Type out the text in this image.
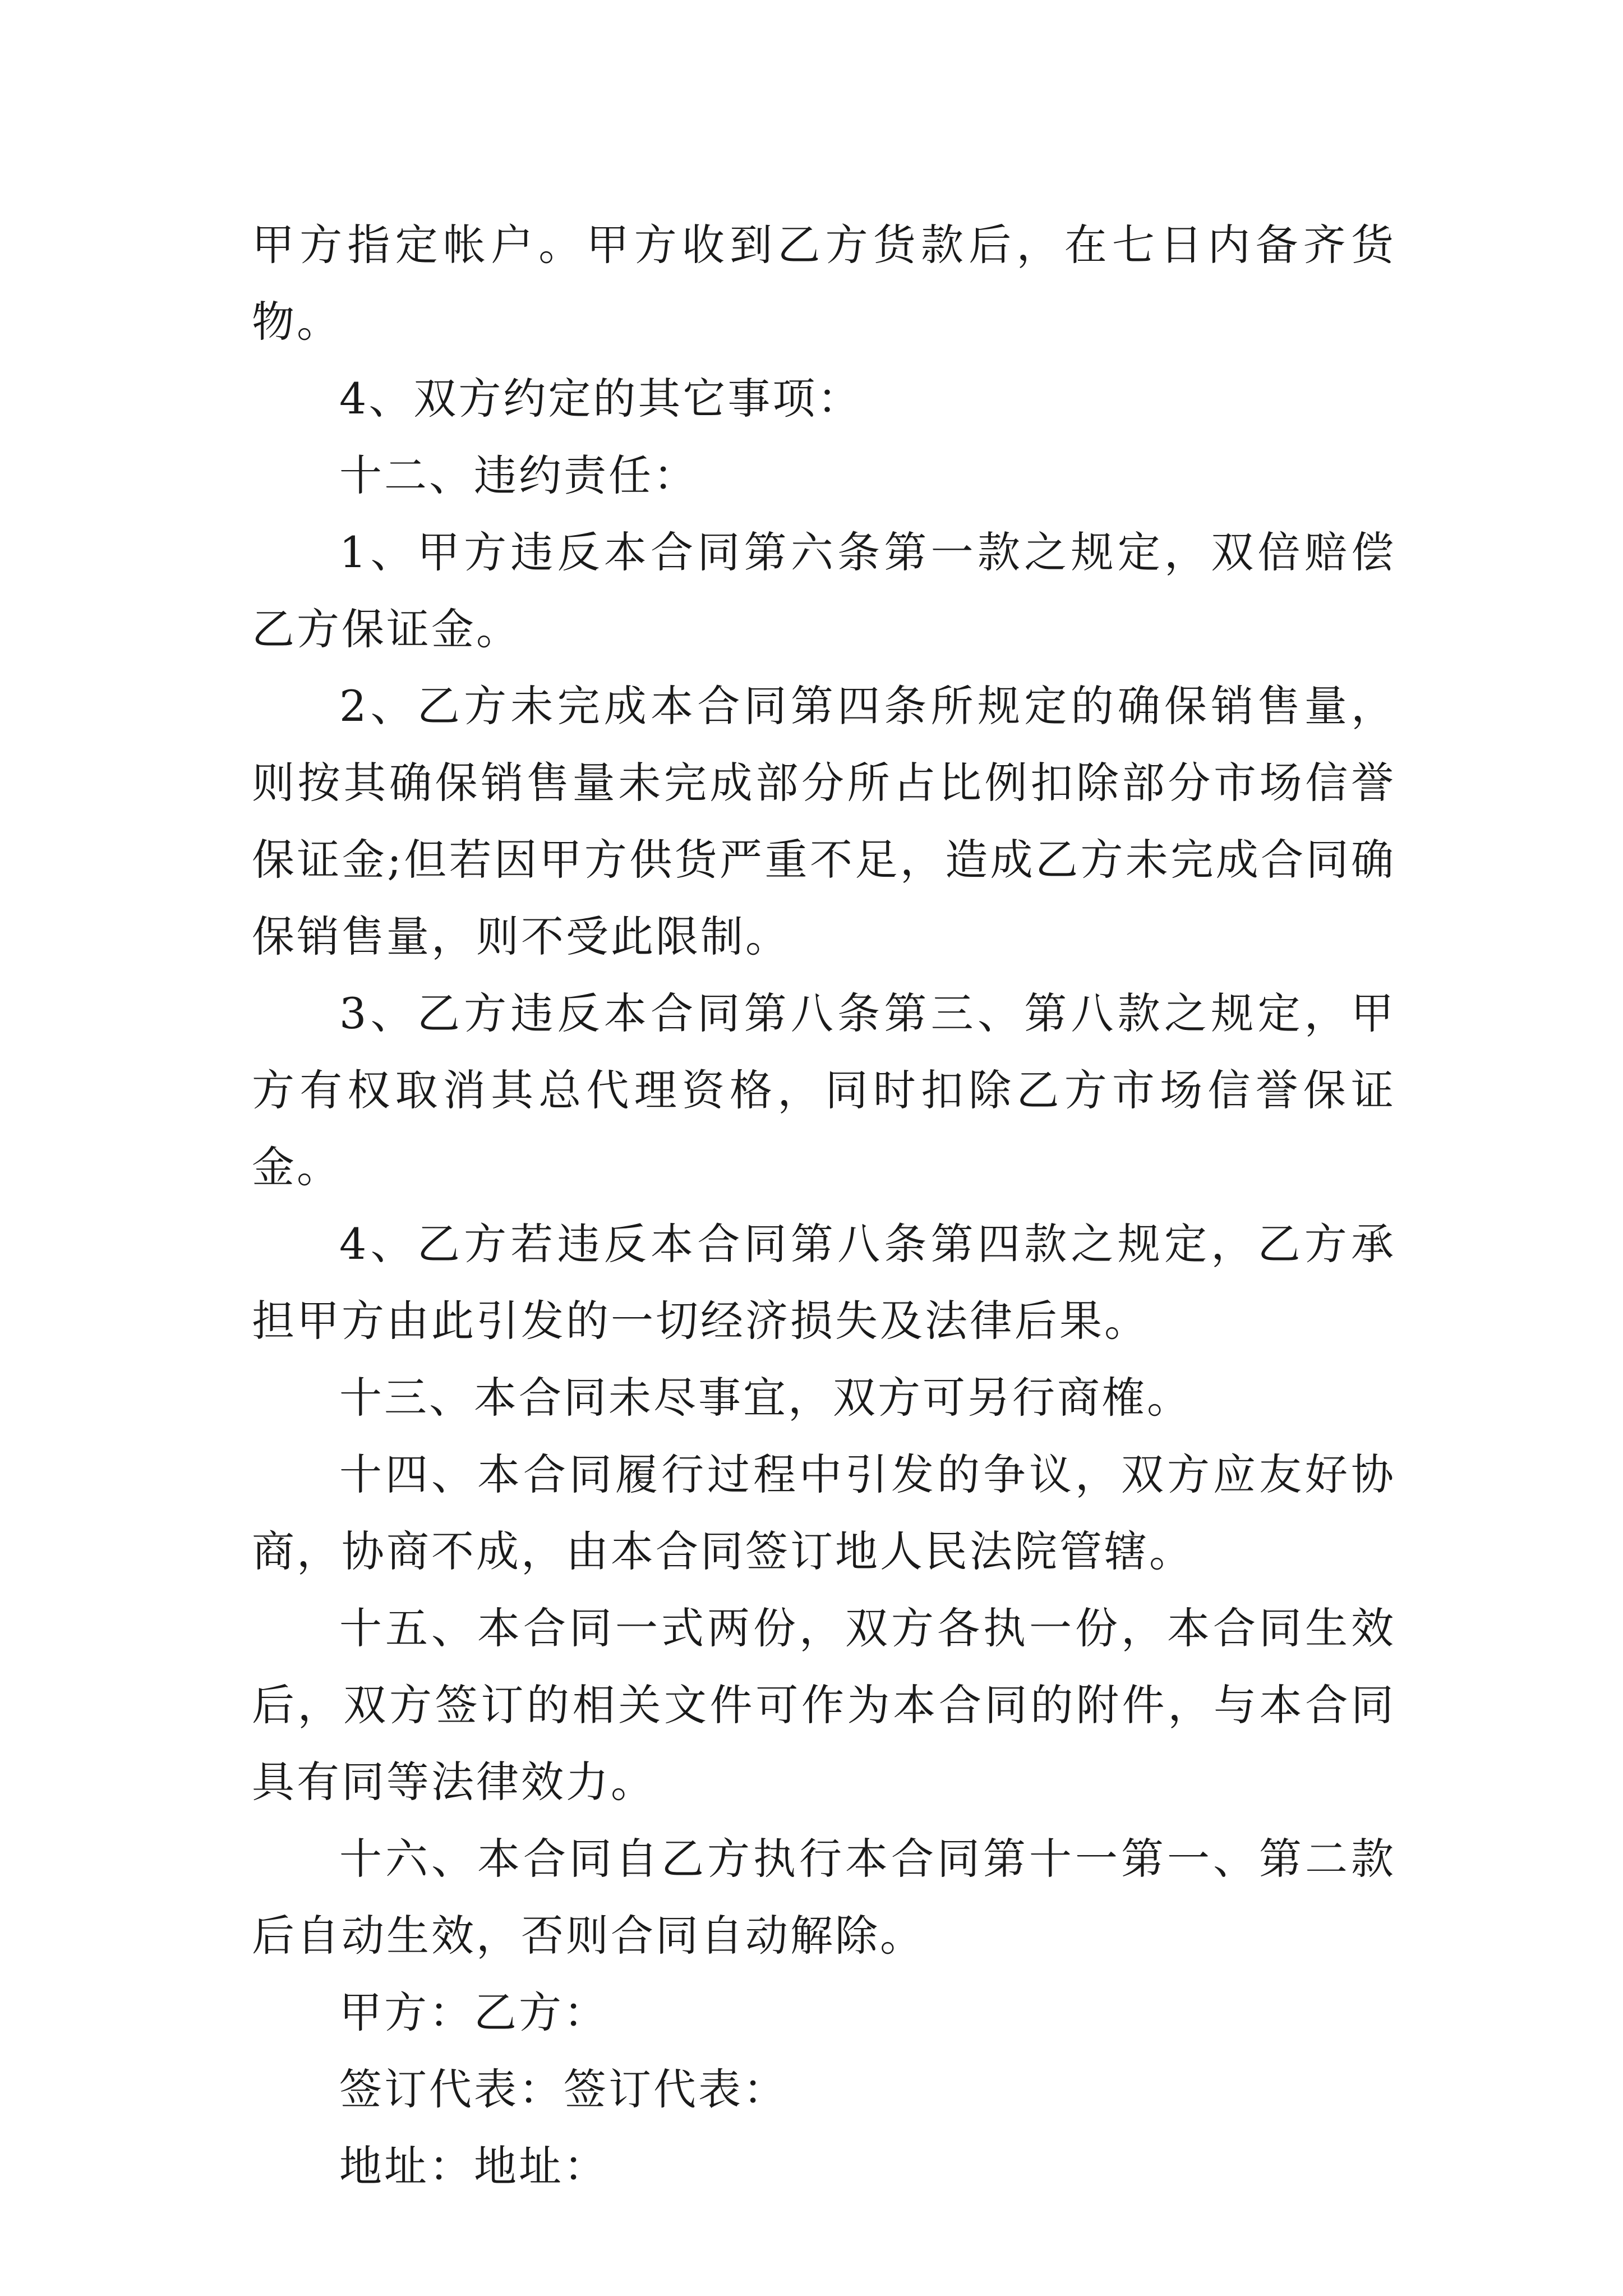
甲方指定帐户。甲方收到乙方货款后，在七日内备齐货物。

4、双方约定的其它事项：

十二、违约责任：

1、甲方违反本合同第六条第一款之规定，双倍赔偿乙方保证金。

2、乙方未完成本合同第四条所规定的确保销售量，则按其确保销售量未完成部分所占比例扣除部分市场信誉保证金;但若因甲方供货严重不足，造成乙方未完成合同确保销售量，则不受此限制。

3、乙方违反本合同第八条第三、第八款之规定，甲方有权取消其总代理资格，同时扣除乙方市场信誉保证金。

4、乙方若违反本合同第八条第四款之规定，乙方承担甲方由此引发的一切经济损失及法律后果。

十三、本合同未尽事宜，双方可另行商榷。

十四、本合同履行过程中引发的争议，双方应友好协商，协商不成，由本合同签订地人民法院管辖。

十五、本合同一式两份，双方各执一份，本合同生效后，双方签订的相关文件可作为本合同的附件，与本合同具有同等法律效力。

十六、本合同自乙方执行本合同第十一第一、第二款后自动生效，否则合同自动解除。

甲方：乙方：

签订代表：签订代表：

地址：地址：
